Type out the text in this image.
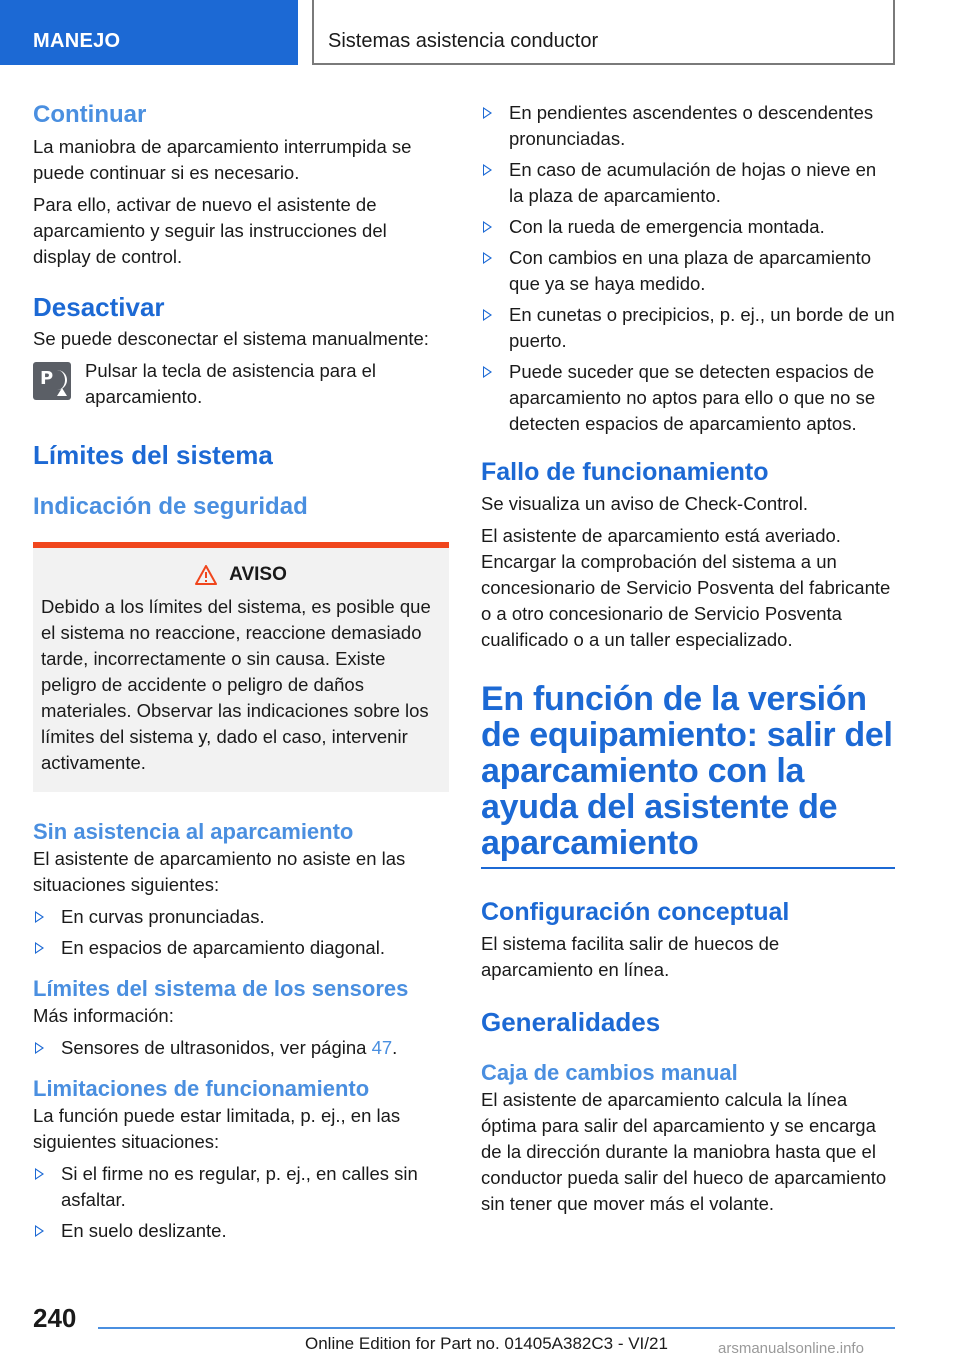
MANEJO	Sistemas asistencia conductor
Continuar

La maniobra de aparcamiento interrumpida se puede continuar si es necesario.

Para ello, activar de nuevo el asistente de aparcamiento y seguir las instrucciones del display de control.

Desactivar

Se puede desconectar el sistema manualmente:

P Pulsar la tecla de asistencia para el aparcamiento.

Límites del sistema
Indicación de seguridad
AVISO

Debido a los límites del sistema, es posible que el sistema no reaccione, reaccione demasiado tarde, incorrectamente o sin causa. Existe peligro de accidente o peligro de daños materiales. Observar las indicaciones sobre los límites del sistema y, dado el caso, intervenir activamente.

Sin asistencia al aparcamiento

El asistente de aparcamiento no asiste en las situaciones siguientes:

En curvas pronunciadas.
En espacios de aparcamiento diagonal.
Límites del sistema de los sensores

Más información:

Sensores de ultrasonidos, ver página 47.
Limitaciones de funcionamiento

La función puede estar limitada, p. ej., en las siguientes situaciones:

Si el firme no es regular, p. ej., en calles sin asfaltar.
En suelo deslizante.
En pendientes ascendentes o descendentes pronunciadas.
En caso de acumulación de hojas o nieve en la plaza de aparcamiento.
Con la rueda de emergencia montada.
Con cambios en una plaza de aparcamiento que ya se haya medido.
En cunetas o precipicios, p. ej., un borde de un puerto.
Puede suceder que se detecten espacios de aparcamiento no aptos para ello o que no se detecten espacios de aparcamiento aptos.
Fallo de funcionamiento

Se visualiza un aviso de Check-Control.

El asistente de aparcamiento está averiado. Encargar la comprobación del sistema a un concesionario de Servicio Posventa del fabricante o a otro concesionario de Servicio Posventa cualificado o a un taller especializado.

En función de la versión de equipamiento: salir del aparcamiento con la ayuda del asistente de aparcamiento
Configuración conceptual

El sistema facilita salir de huecos de aparcamiento en línea.

Generalidades
Caja de cambios manual

El asistente de aparcamiento calcula la línea óptima para salir del aparcamiento y se encarga de la dirección durante la maniobra hasta que el conductor pueda salir del hueco de aparcamiento sin tener que mover más el volante.

240
Online Edition for Part no. 01405A382C3 - VI/21	arsmanualsonline.info
